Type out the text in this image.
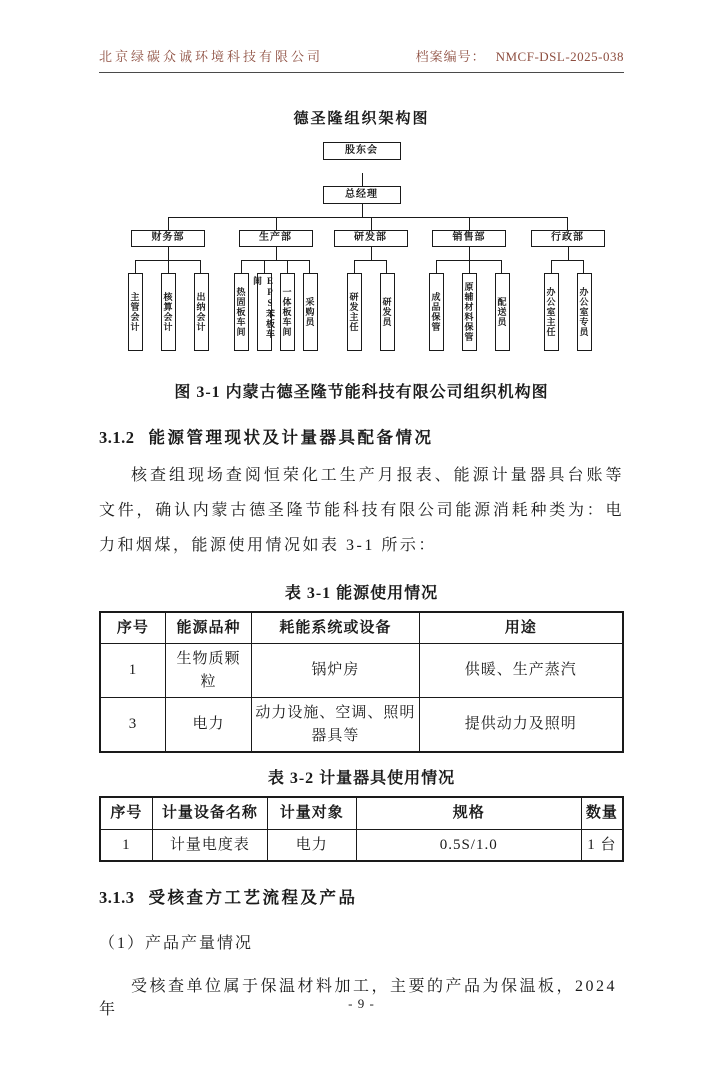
北京绿碳众诚环境科技有限公司	档案编号： NMCF-DSL-2025-038
德圣隆组织架构图
股东会
总经理
财务部
主管会计	核算会计	出纳会计
生产部
热固板车间	EPS苯板车间
一体板车间	采购员
研发部
研发主任	研发员
销售部
成品保管	原辅材料保管	配送员
行政部
办公室主任	办公室专员
图 3-1 内蒙古德圣隆节能科技有限公司组织机构图
3.1.2 能源管理现状及计量器具配备情况

核查组现场查阅恒荣化工生产月报表、能源计量器具台账等文件，确认内蒙古德圣隆节能科技有限公司能源消耗种类为：电力和烟煤，能源使用情况如表 3-1 所示：

表 3-1 能源使用情况
序号	能源品种	耗能系统或设备	用途
1	生物质颗粒	锅炉房	供暖、生产蒸汽
3	电力	动力设施、空调、照明器具等	提供动力及照明
表 3-2 计量器具使用情况
序号	计量设备名称	计量对象	规格	数量
1	计量电度表	电力	0.5S/1.0	1 台
3.1.3 受核查方工艺流程及产品
（1）产品产量情况

受核查单位属于保温材料加工，主要的产品为保温板，2024 年	- 9 -
